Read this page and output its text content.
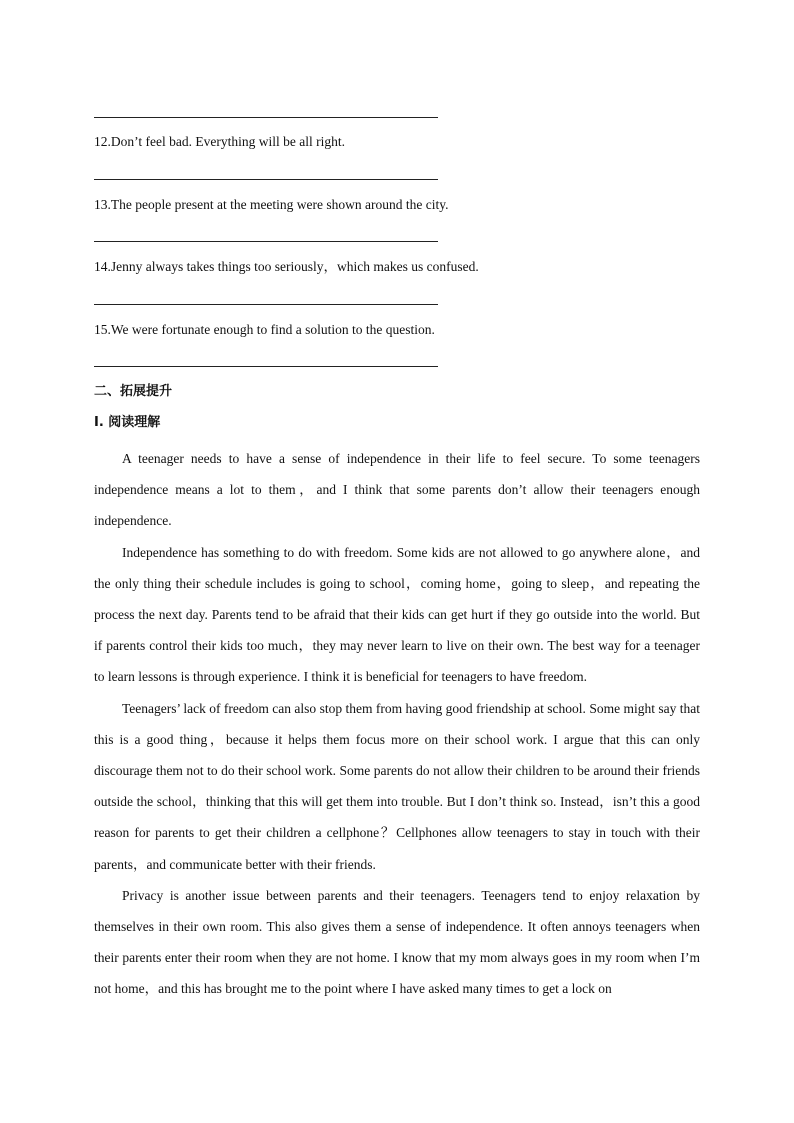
12.Don’t feel bad. Everything will be all right.
13.The people present at the meeting were shown around the city.
14.Jenny always takes things too seriously，which makes us confused.
15.We were fortunate enough to find a solution to the question.
二、拓展提升
I. 阅读理解

A teenager needs to have a sense of independence in their life to feel secure. To some teenagers independence means a lot to them，and I think that some parents don’t allow their teenagers enough independence.

Independence has something to do with freedom. Some kids are not allowed to go anywhere alone，and the only thing their schedule includes is going to school，coming home，going to sleep，and repeating the process the next day. Parents tend to be afraid that their kids can get hurt if they go outside into the world. But if parents control their kids too much，they may never learn to live on their own. The best way for a teenager to learn lessons is through experience. I think it is beneficial for teenagers to have freedom.

Teenagers’ lack of freedom can also stop them from having good friendship at school. Some might say that this is a good thing，because it helps them focus more on their school work. I argue that this can only discourage them not to do their school work. Some parents do not allow their children to be around their friends outside the school，thinking that this will get them into trouble. But I don’t think so. Instead，isn’t this a good reason for parents to get their children a cellphone？Cellphones allow teenagers to stay in touch with their parents，and communicate better with their friends.

Privacy is another issue between parents and their teenagers. Teenagers tend to enjoy relaxation by themselves in their own room. This also gives them a sense of independence. It often annoys teenagers when their parents enter their room when they are not home. I know that my mom always goes in my room when I’m not home，and this has brought me to the point where I have asked many times to get a lock on
